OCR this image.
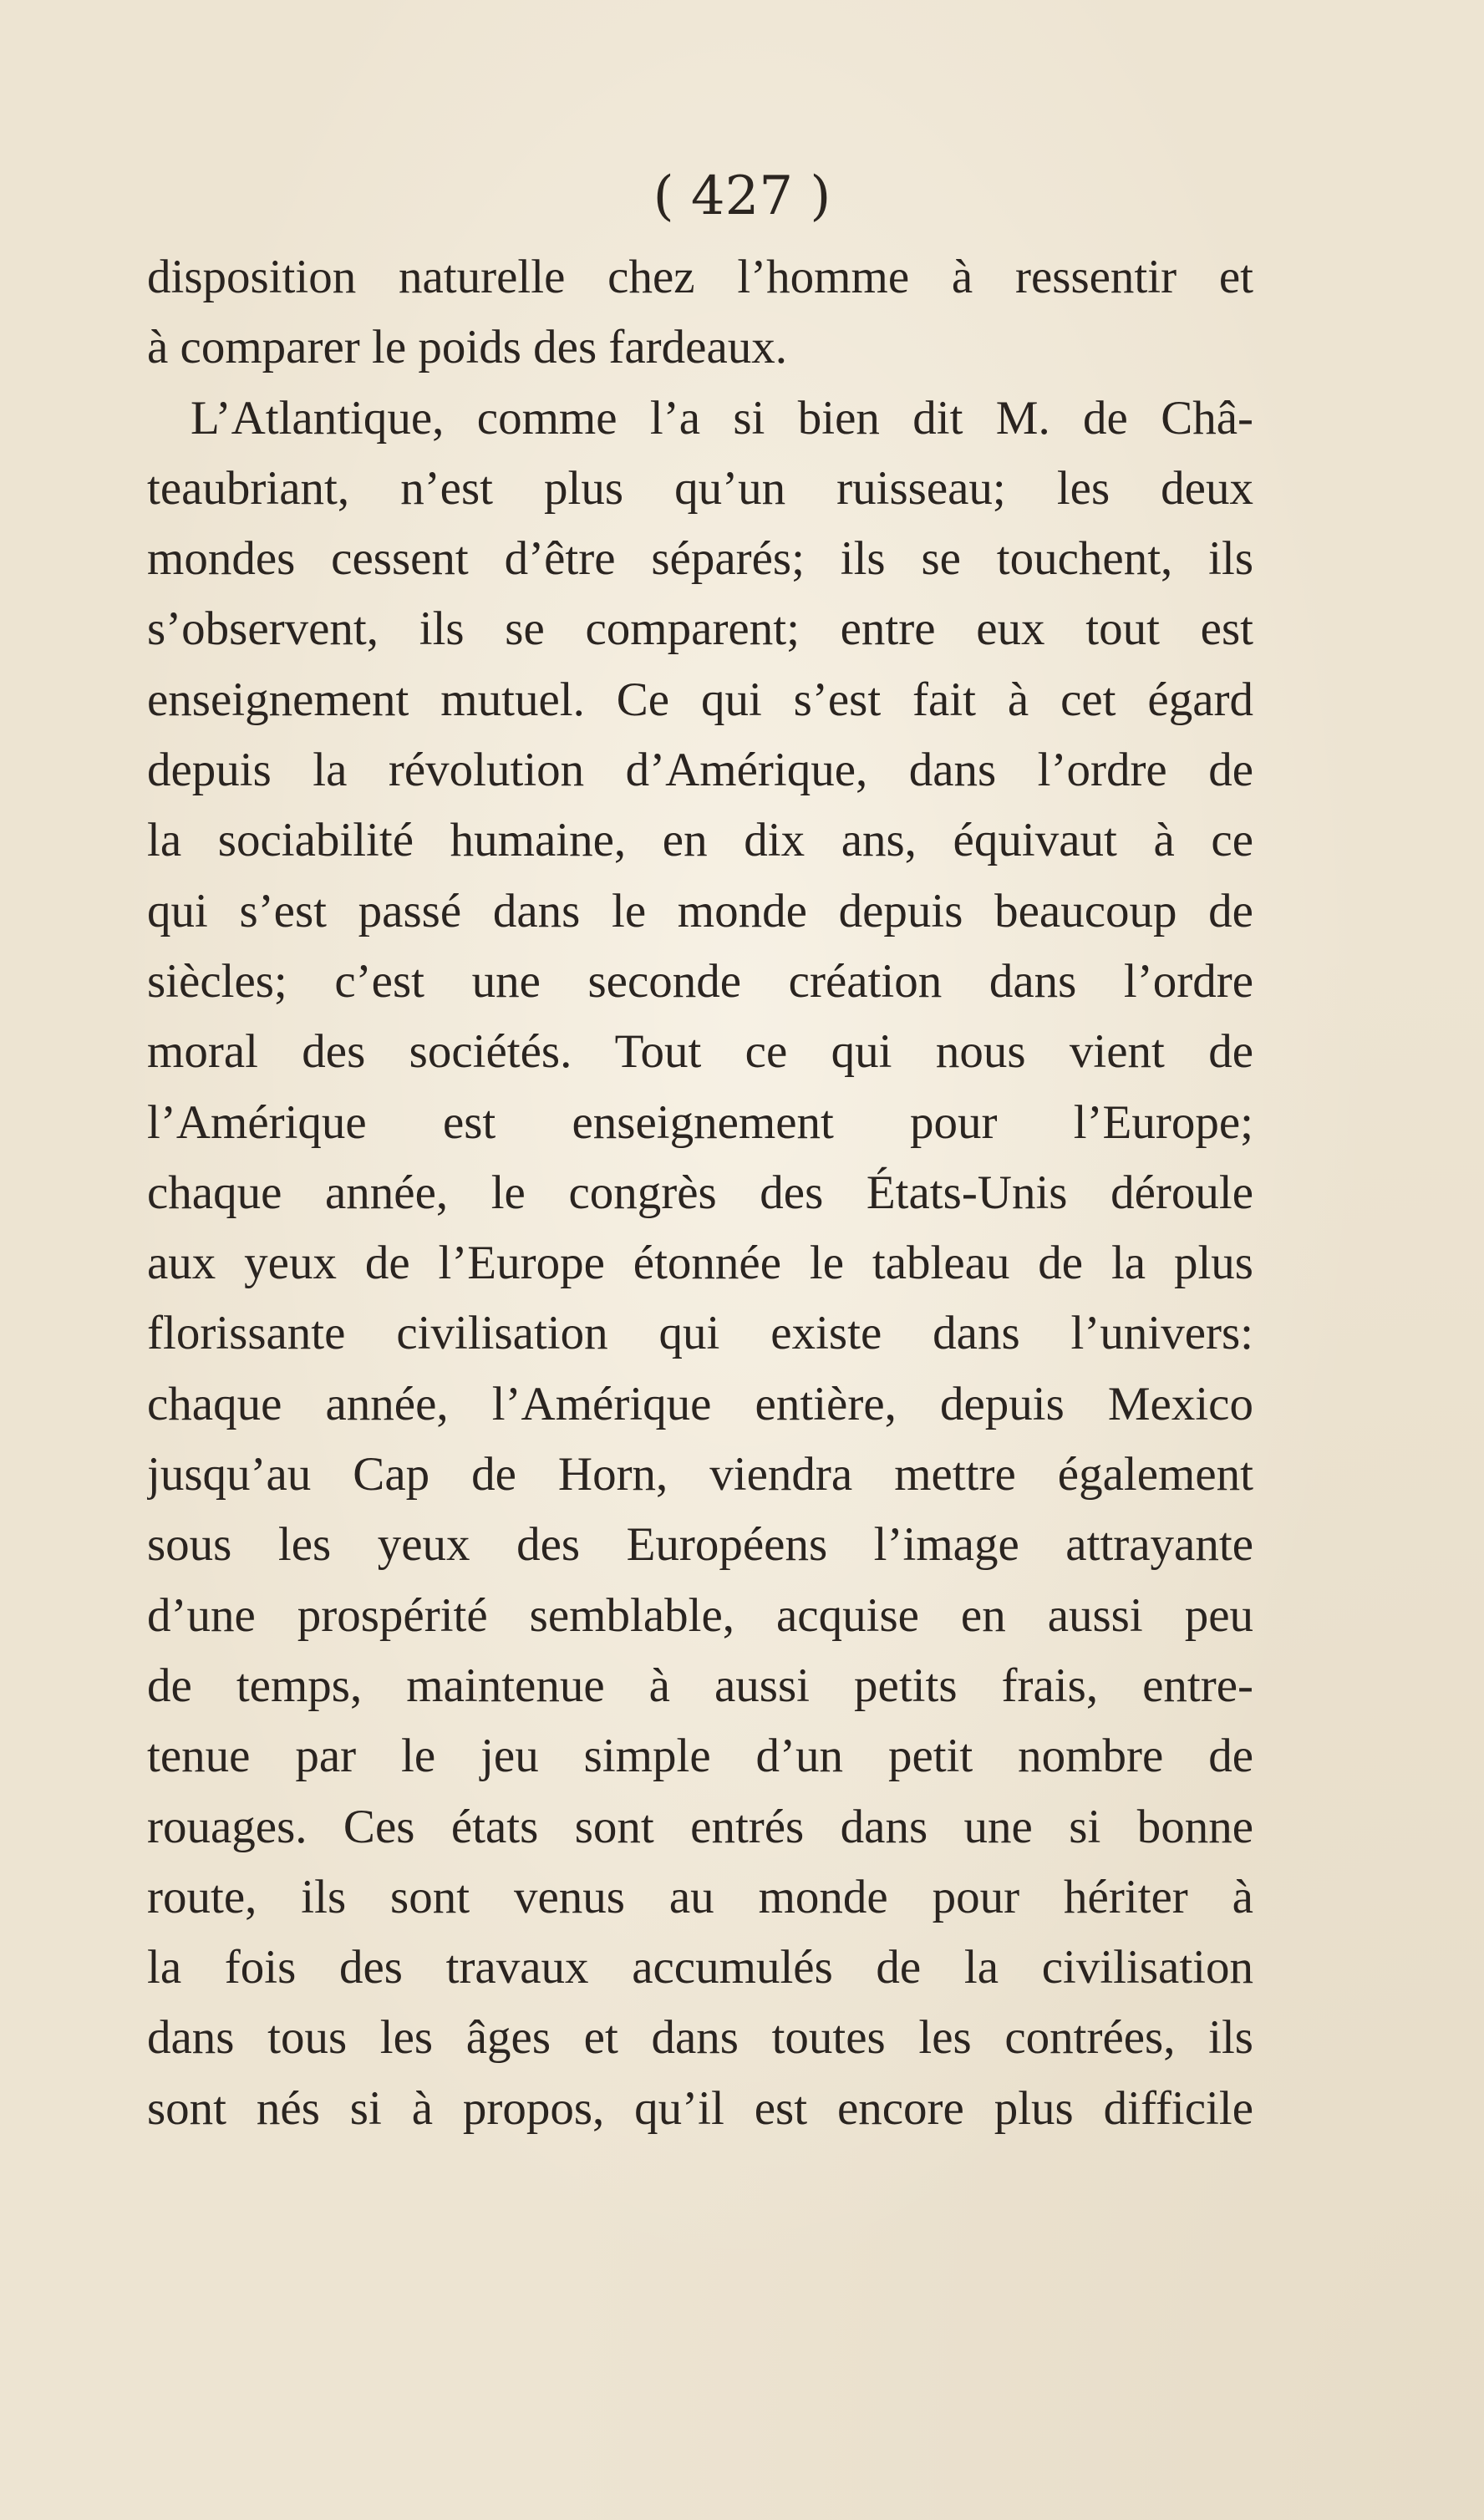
( 427 )

disposition naturelle chez l’homme à ressentir et
à comparer le poids des fardeaux.
L’Atlantique, comme l’a si bien dit M. de Châ-
teaubriant, n’est plus qu’un ruisseau; les deux
mondes cessent d’être séparés; ils se touchent, ils
s’observent, ils se comparent; entre eux tout est
enseignement mutuel. Ce qui s’est fait à cet égard
depuis la révolution d’Amérique, dans l’ordre de
la sociabilité humaine, en dix ans, équivaut à ce
qui s’est passé dans le monde depuis beaucoup de
siècles; c’est une seconde création dans l’ordre
moral des sociétés. Tout ce qui nous vient de
l’Amérique est enseignement pour l’Europe;
chaque année, le congrès des États-Unis déroule
aux yeux de l’Europe étonnée le tableau de la plus
florissante civilisation qui existe dans l’univers:
chaque année, l’Amérique entière, depuis Mexico
jusqu’au Cap de Horn, viendra mettre également
sous les yeux des Européens l’image attrayante
d’une prospérité semblable, acquise en aussi peu
de temps, maintenue à aussi petits frais, entre-
tenue par le jeu simple d’un petit nombre de
rouages. Ces états sont entrés dans une si bonne
route, ils sont venus au monde pour hériter à
la fois des travaux accumulés de la civilisation
dans tous les âges et dans toutes les contrées, ils
sont nés si à propos, qu’il est encore plus difficile
